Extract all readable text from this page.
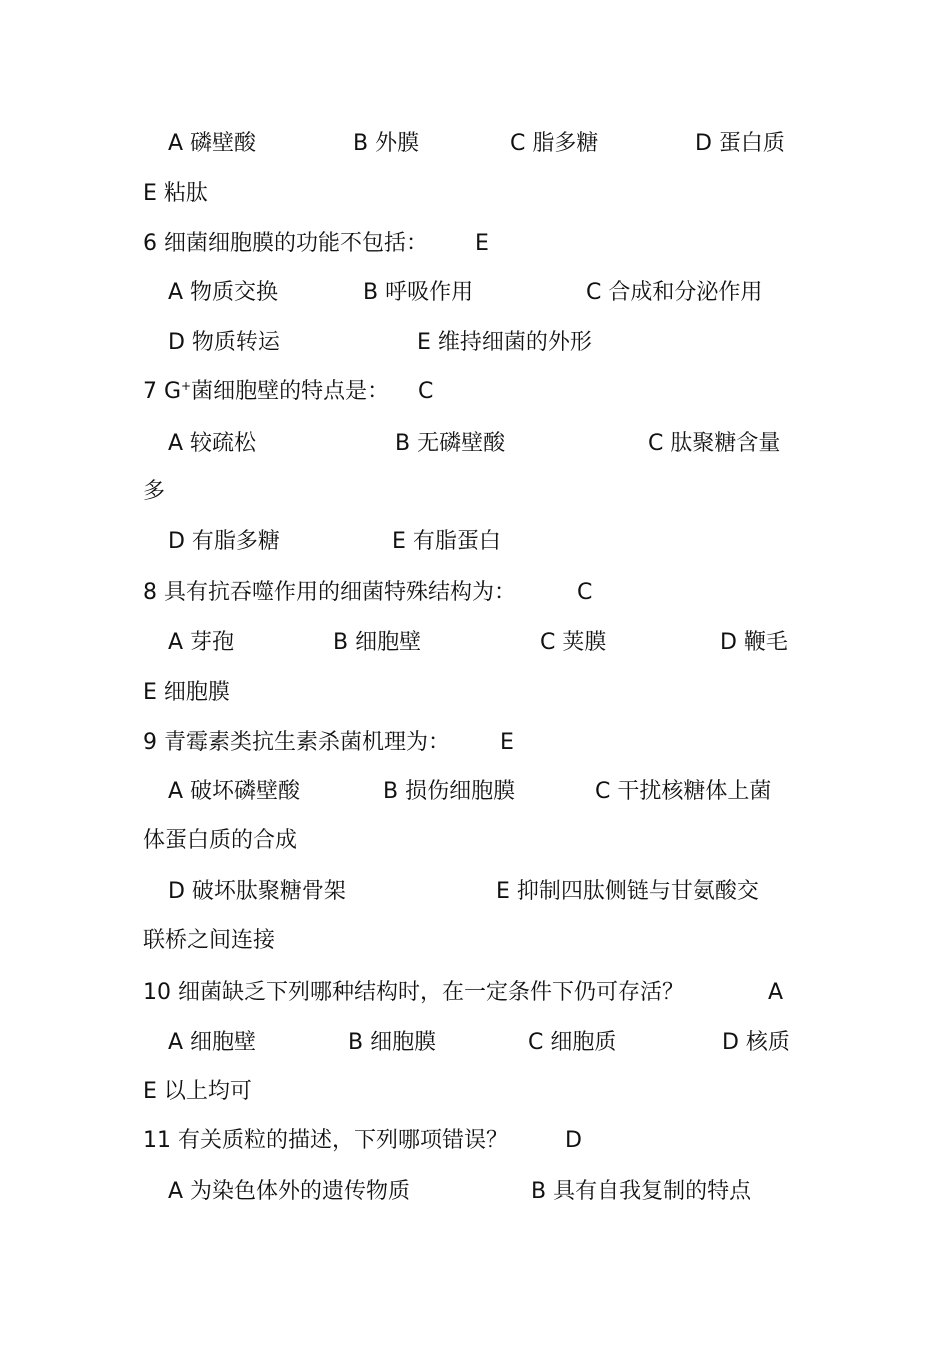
A 磷壁酸	B 外膜	C 脂多糖	D 蛋白质
E 粘肽
6 细菌细胞膜的功能不包括： E
A 物质交换	B 呼吸作用	C 合成和分泌作用
D 物质转运	E 维持细菌的外形
7 G+菌细胞壁的特点是： C
A 较疏松	B 无磷壁酸	C 肽聚糖含量
多
D 有脂多糖	E 有脂蛋白
8 具有抗吞噬作用的细菌特殊结构为：	C
A 芽孢	B 细胞壁	C 荚膜	D 鞭毛
E 细胞膜
9 青霉素类抗生素杀菌机理为： E
A 破坏磷壁酸	B 损伤细胞膜	C 干扰核糖体上菌
体蛋白质的合成
D 破坏肽聚糖骨架	E 抑制四肽侧链与甘氨酸交
联桥之间连接
10 细菌缺乏下列哪种结构时，在一定条件下仍可存活？	A
A 细胞壁	B 细胞膜	C 细胞质	D 核质
E 以上均可
11 有关质粒的描述，下列哪项错误？	D
A 为染色体外的遗传物质	B 具有自我复制的特点
